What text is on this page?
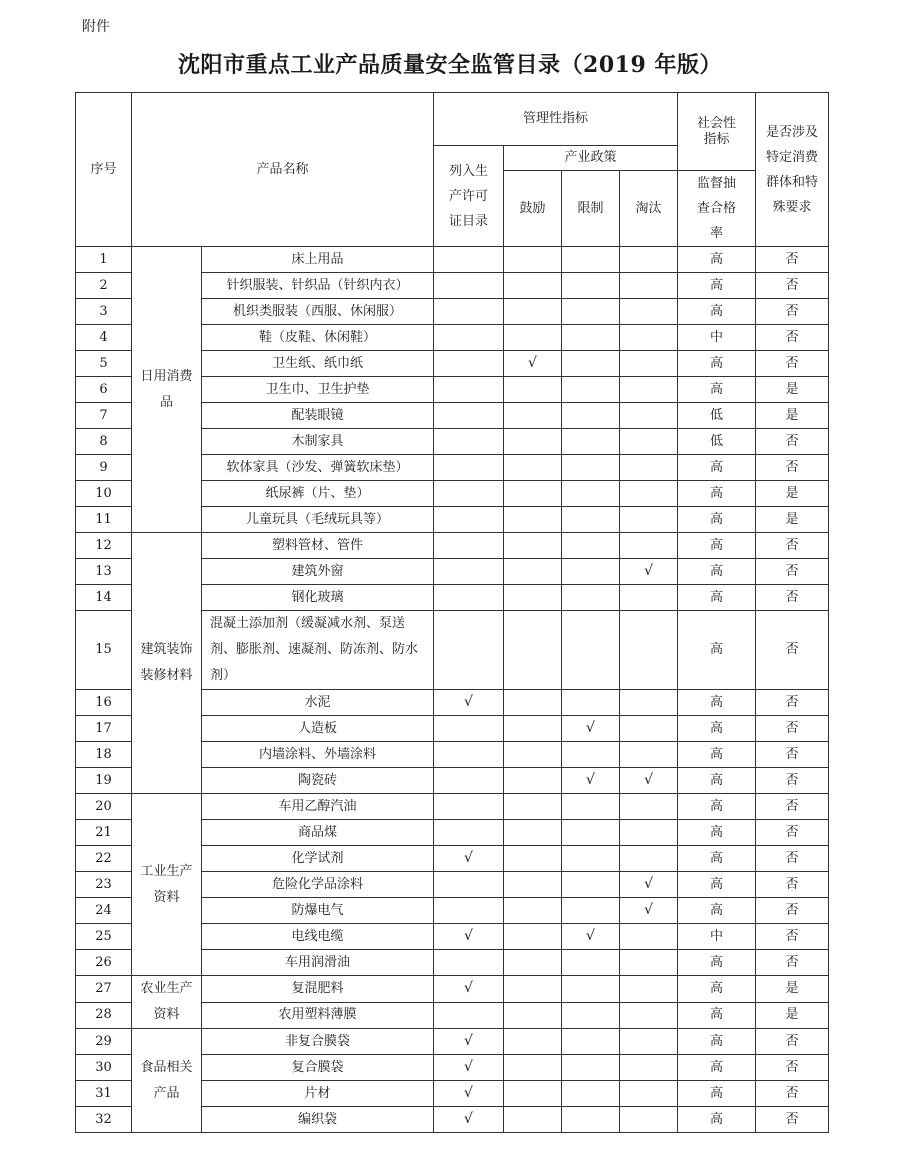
附件
沈阳市重点工业产品质量安全监管目录（2019 年版）
序号	产品名称		管理性指标				社会性指标	是否涉及特定消费群体和特殊要求

			列入生产许可证目录	产业政策				
				鼓励	限制	淘汰	监督抽查合格率	

1	日用消费品	床上用品					高	否
2		针织服装、针织品（针织内衣）					高	否
3		机织类服装（西服、休闲服）					高	否
4		鞋（皮鞋、休闲鞋）					中	否
5		卫生纸、纸巾纸		√			高	否
6		卫生巾、卫生护垫					高	是
7		配装眼镜					低	是
8		木制家具					低	否
9		软体家具（沙发、弹簧软床垫）					高	否
10		纸尿裤（片、垫）					高	是
11		儿童玩具（毛绒玩具等）					高	是
12	建筑装饰装修材料	塑料管材、管件					高	否
13		建筑外窗				√	高	否
14		钢化玻璃					高	否
15		混凝土添加剂（缓凝减水剂、泵送剂、膨胀剂、速凝剂、防冻剂、防水剂）					高	否
16		水泥	√				高	否
17		人造板			√		高	否
18		内墙涂料、外墙涂料					高	否
19		陶瓷砖			√	√	高	否
20	工业生产资料	车用乙醇汽油					高	否
21		商品煤					高	否
22		化学试剂	√				高	否
23		危险化学品涂料				√	高	否
24		防爆电气				√	高	否
25		电线电缆	√		√		中	否
26		车用润滑油					高	否
27	农业生产资料	复混肥料	√				高	是
28		农用塑料薄膜					高	是
29	食品相关产品	非复合膜袋	√				高	否
30		复合膜袋	√				高	否
31		片材	√				高	否
32		编织袋	√				高	否
